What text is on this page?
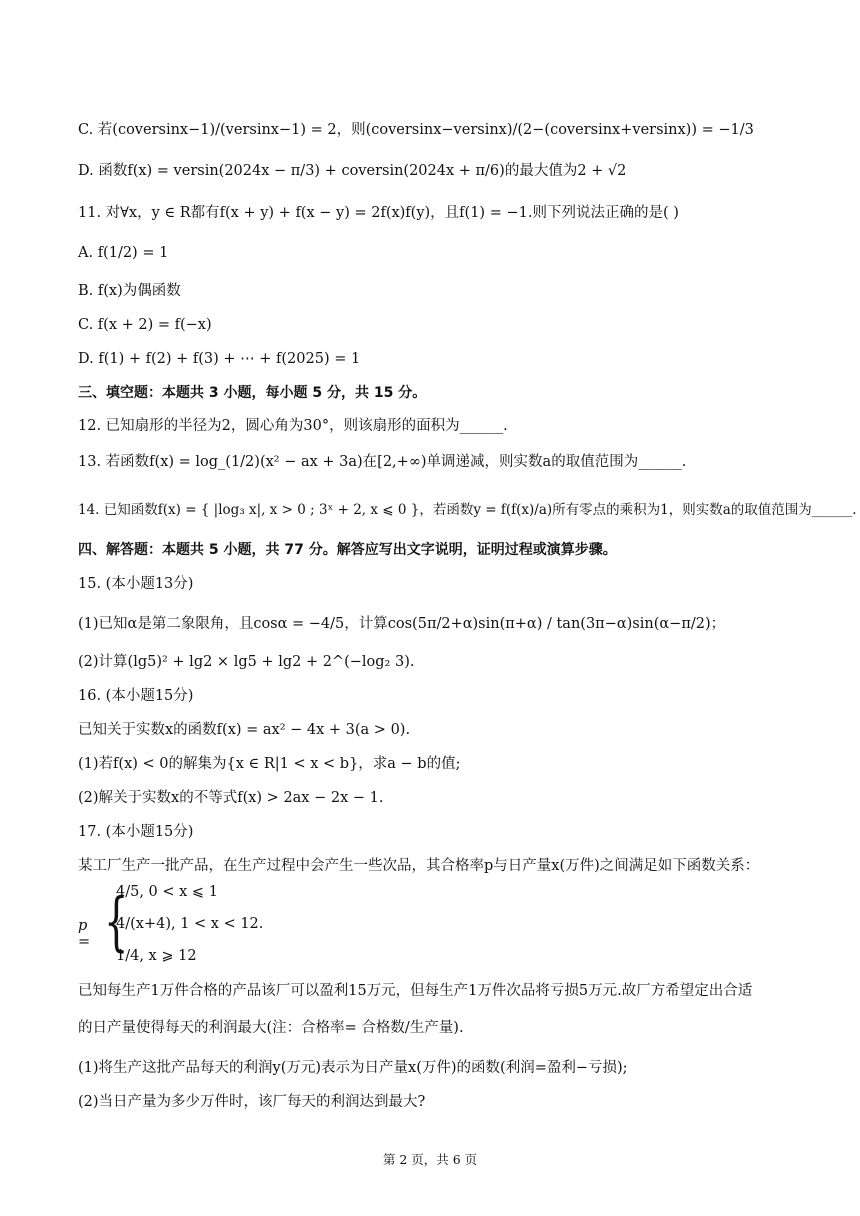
C. 若(coversinx−1)/(versinx−1) = 2，则(coversinx−versinx)/(2−(coversinx+versinx)) = −1/3
D. 函数f(x) = versin(2024x − π/3) + coversin(2024x + π/6)的最大值为2 + √2
11. 对∀x，y ∈ R都有f(x + y) + f(x − y) = 2f(x)f(y)，且f(1) = −1.则下列说法正确的是( )
A. f(1/2) = 1
B. f(x)为偶函数
C. f(x + 2) = f(−x)
D. f(1) + f(2) + f(3) + ⋯ + f(2025) = 1
三、填空题：本题共 3 小题，每小题 5 分，共 15 分。
12. 已知扇形的半径为2，圆心角为30°，则该扇形的面积为______.
13. 若函数f(x) = log_(1/2)(x² − ax + 3a)在[2,+∞)单调递减，则实数a的取值范围为______.
14. 已知函数f(x) = { |log₃ x|, x > 0 ; 3ˣ + 2, x ⩽ 0 }，若函数y = f(f(x)/a)所有零点的乘积为1，则实数a的取值范围为______.
四、解答题：本题共 5 小题，共 77 分。解答应写出文字说明，证明过程或演算步骤。
15. (本小题13分)
(1)已知α是第二象限角，且cosα = −4/5，计算cos(5π/2+α)sin(π+α) / tan(3π−α)sin(α−π/2)；
(2)计算(lg5)² + lg2 × lg5 + lg2 + 2^(−log₂ 3).
16. (本小题15分)
已知关于实数x的函数f(x) = ax² − 4x + 3(a > 0).
(1)若f(x) < 0的解集为{x ∈ R|1 < x < b}，求a − b的值;
(2)解关于实数x的不等式f(x) > 2ax − 2x − 1.
17. (本小题15分)
某工厂生产一批产品，在生产过程中会产生一些次品，其合格率p与日产量x(万件)之间满足如下函数关系：
p = {
4/5, 0 < x ⩽ 1
4/(x+4), 1 < x < 12.
1/4, x ⩾ 12
已知每生产1万件合格的产品该厂可以盈利15万元，但每生产1万件次品将亏损5万元.故厂方希望定出合适
的日产量使得每天的利润最大(注：合格率= 合格数/生产量).
(1)将生产这批产品每天的利润y(万元)表示为日产量x(万件)的函数(利润=盈利−亏损);
(2)当日产量为多少万件时，该厂每天的利润达到最大?
第 2 页，共 6 页
